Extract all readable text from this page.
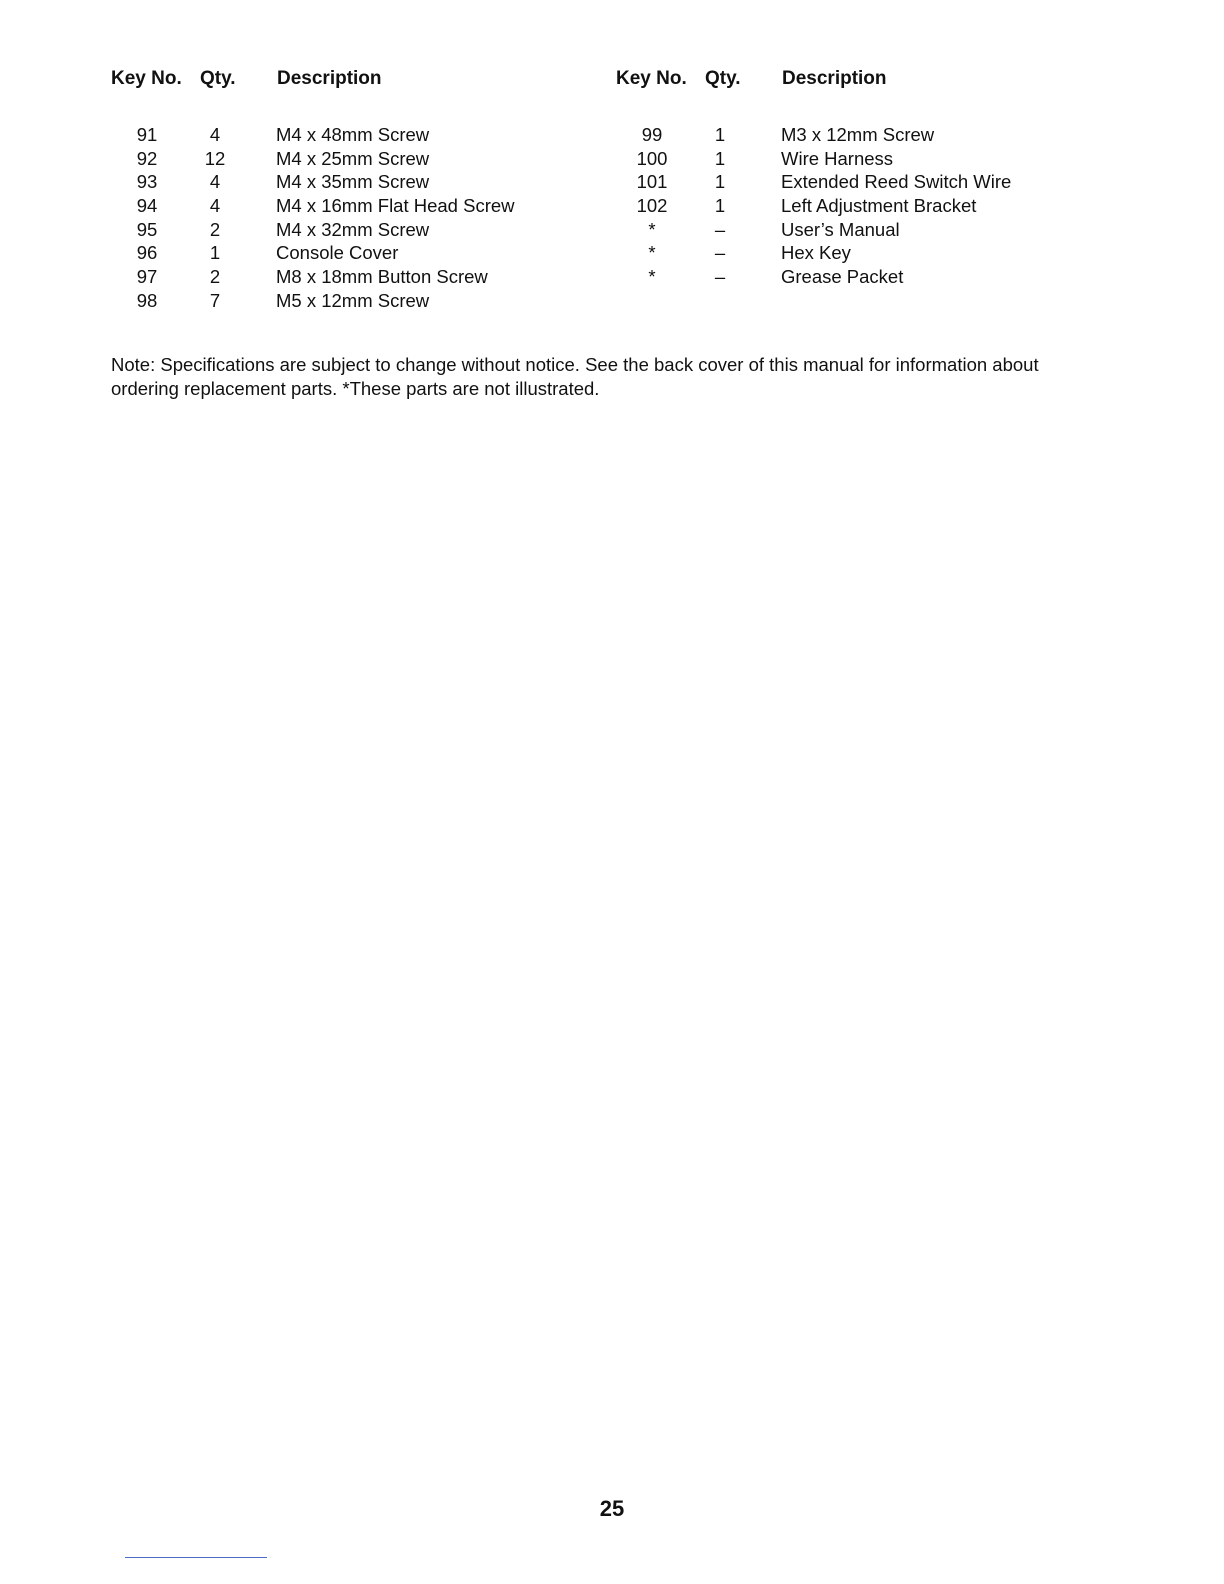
Key No. Qty. Description
91	4	M4 x 48mm Screw
92	12	M4 x 25mm Screw
93	4	M4 x 35mm Screw
94	4	M4 x 16mm Flat Head Screw
95	2	M4 x 32mm Screw
96	1	Console Cover
97	2	M8 x 18mm Button Screw
98	7	M5 x 12mm Screw
Key No. Qty. Description
99	1	M3 x 12mm Screw
100	1	Wire Harness
101	1	Extended Reed Switch Wire
102	1	Left Adjustment Bracket
*	–	User’s Manual
*	–	Hex Key
*	–	Grease Packet

Note: Specifications are subject to change without notice. See the back cover of this manual for information about ordering replacement parts. *These parts are not illustrated.

25
